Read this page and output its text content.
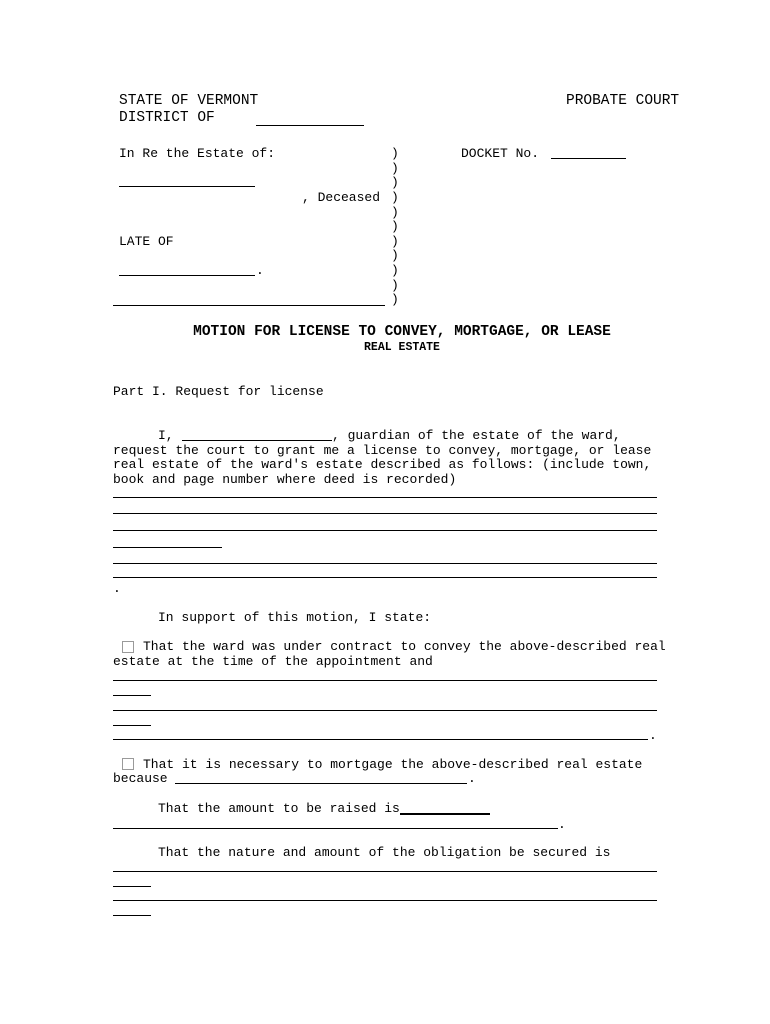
STATE OF VERMONT	PROBATE COURT
DISTRICT OF
In Re the Estate of:
, Deceased
LATE OF
.
)
)
)
)
)
)
)
)
)
)
)
DOCKET No.
MOTION FOR LICENSE TO CONVEY, MORTGAGE, OR LEASE
REAL ESTATE
Part I. Request for license
I,	, guardian of the estate of the ward,
request the court to grant me a license to convey, mortgage, or lease
real estate of the ward's estate described as follows: (include town,
book and page number where deed is recorded)
.
In support of this motion, I state:
That the ward was under contract to convey the above-described real
estate at the time of the appointment and
.
That it is necessary to mortgage the above-described real estate
because	.
That the amount to be raised is
.
That the nature and amount of the obligation be secured is
